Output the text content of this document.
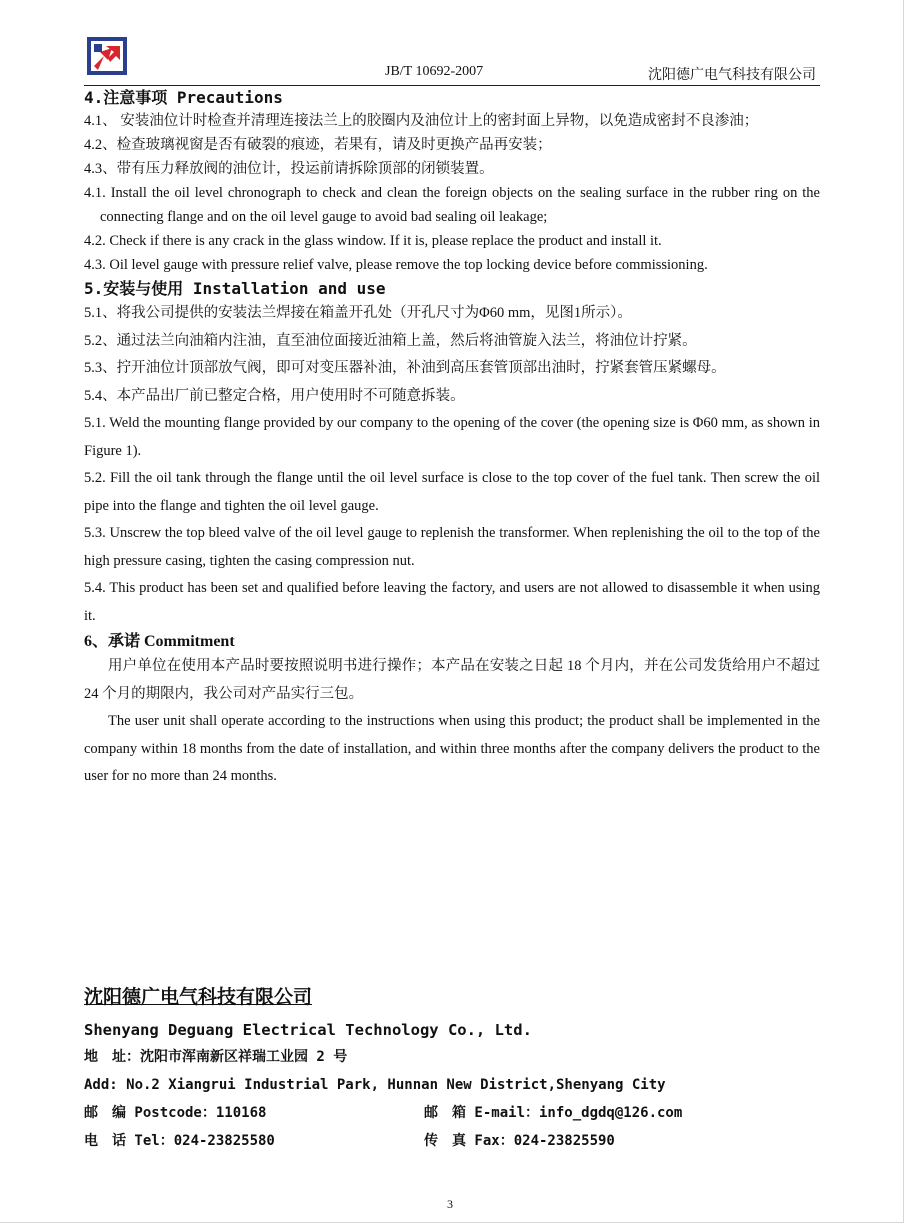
JB/T 10692-2007	沈阳德广电气科技有限公司

4.注意事项 Precautions

4.1、 安装油位计时检查并清理连接法兰上的胶圈内及油位计上的密封面上异物，以免造成密封不良渗油；

4.2、检查玻璃视窗是否有破裂的痕迹，若果有，请及时更换产品再安装；

4.3、带有压力释放阀的油位计，投运前请拆除顶部的闭锁装置。

4.1. Install the oil level chronograph to check and clean the foreign objects on the sealing surface in the rubber ring on the connecting flange and on the oil level gauge to avoid bad sealing oil leakage;

4.2. Check if there is any crack in the glass window. If it is, please replace the product and install it.

4.3. Oil level gauge with pressure relief valve, please remove the top locking device before commissioning.

5.安装与使用 Installation and use

5.1、将我公司提供的安装法兰焊接在箱盖开孔处（开孔尺寸为Φ60 mm，见图1所示）。

5.2、通过法兰向油箱内注油，直至油位面接近油箱上盖，然后将油管旋入法兰，将油位计拧紧。

5.3、拧开油位计顶部放气阀，即可对变压器补油，补油到高压套管顶部出油时，拧紧套管压紧螺母。

5.4、本产品出厂前已整定合格，用户使用时不可随意拆装。

5.1. Weld the mounting flange provided by our company to the opening of the cover (the opening size is Φ60 mm, as shown in Figure 1).

5.2. Fill the oil tank through the flange until the oil level surface is close to the top cover of the fuel tank. Then screw the oil pipe into the flange and tighten the oil level gauge.

5.3. Unscrew the top bleed valve of the oil level gauge to replenish the transformer. When replenishing the oil to the top of the high pressure casing, tighten the casing compression nut.

5.4. This product has been set and qualified before leaving the factory, and users are not allowed to disassemble it when using it.

6、承诺 Commitment

用户单位在使用本产品时要按照说明书进行操作；本产品在安装之日起 18 个月内，并在公司发货给用户不超过 24 个月的期限内，我公司对产品实行三包。

The user unit shall operate according to the instructions when using this product; the product shall be implemented in the company within 18 months from the date of installation, and within three months after the company delivers the product to the user for no more than 24 months.

沈阳德广电气科技有限公司

Shenyang Deguang Electrical Technology Co., Ltd.

地　址：沈阳市浑南新区祥瑞工业园 2 号

Add: No.2 Xiangrui Industrial Park, Hunnan New District,Shenyang City

邮　编 Postcode：110168	邮　箱 E-mail：info_dgdq@126.com

电　话 Tel：024-23825580	传　真 Fax：024-23825590

3
